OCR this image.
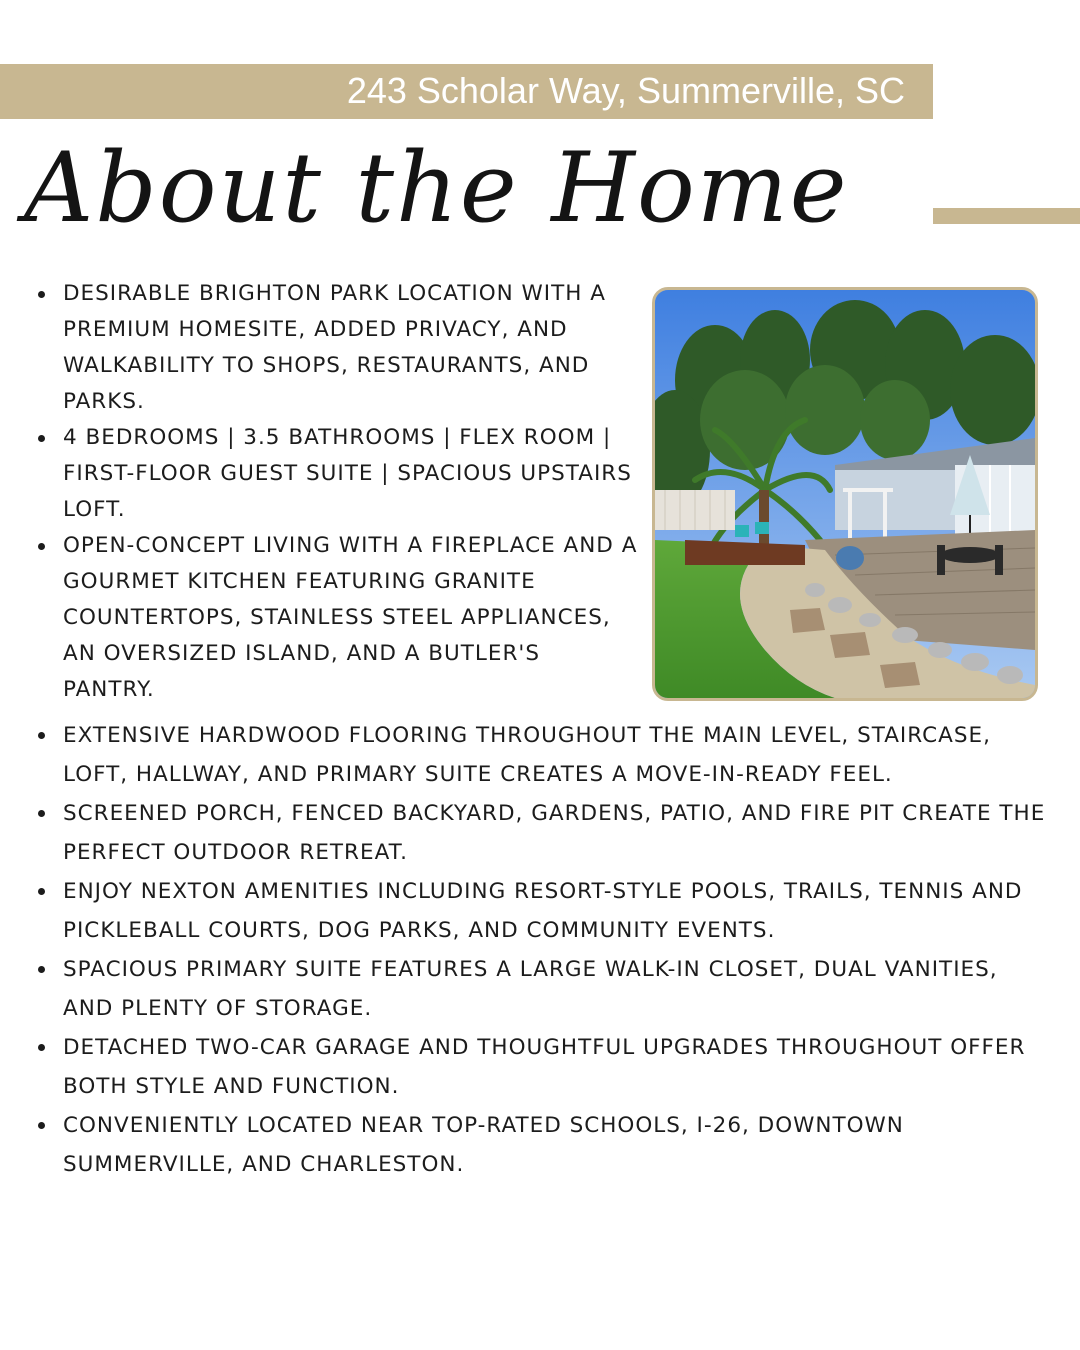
243 Scholar Way, Summerville, SC
About the Home
DESIRABLE BRIGHTON PARK LOCATION WITH A PREMIUM HOMESITE, ADDED PRIVACY, AND WALKABILITY TO SHOPS, RESTAURANTS, AND PARKS.
4 BEDROOMS | 3.5 BATHROOMS | FLEX ROOM | FIRST-FLOOR GUEST SUITE | SPACIOUS UPSTAIRS LOFT.
OPEN-CONCEPT LIVING WITH A FIREPLACE AND A GOURMET KITCHEN FEATURING GRANITE COUNTERTOPS, STAINLESS STEEL APPLIANCES, AN OVERSIZED ISLAND, AND A BUTLER'S PANTRY.
EXTENSIVE HARDWOOD FLOORING THROUGHOUT THE MAIN LEVEL, STAIRCASE, LOFT, HALLWAY, AND PRIMARY SUITE CREATES A MOVE-IN-READY FEEL.
SCREENED PORCH, FENCED BACKYARD, GARDENS, PATIO, AND FIRE PIT CREATE THE PERFECT OUTDOOR RETREAT.
ENJOY NEXTON AMENITIES INCLUDING RESORT-STYLE POOLS, TRAILS, TENNIS AND PICKLEBALL COURTS, DOG PARKS, AND COMMUNITY EVENTS.
SPACIOUS PRIMARY SUITE FEATURES A LARGE WALK-IN CLOSET, DUAL VANITIES, AND PLENTY OF STORAGE.
DETACHED TWO-CAR GARAGE AND THOUGHTFUL UPGRADES THROUGHOUT OFFER BOTH STYLE AND FUNCTION.
CONVENIENTLY LOCATED NEAR TOP-RATED SCHOOLS, I-26, DOWNTOWN SUMMERVILLE, AND CHARLESTON.
